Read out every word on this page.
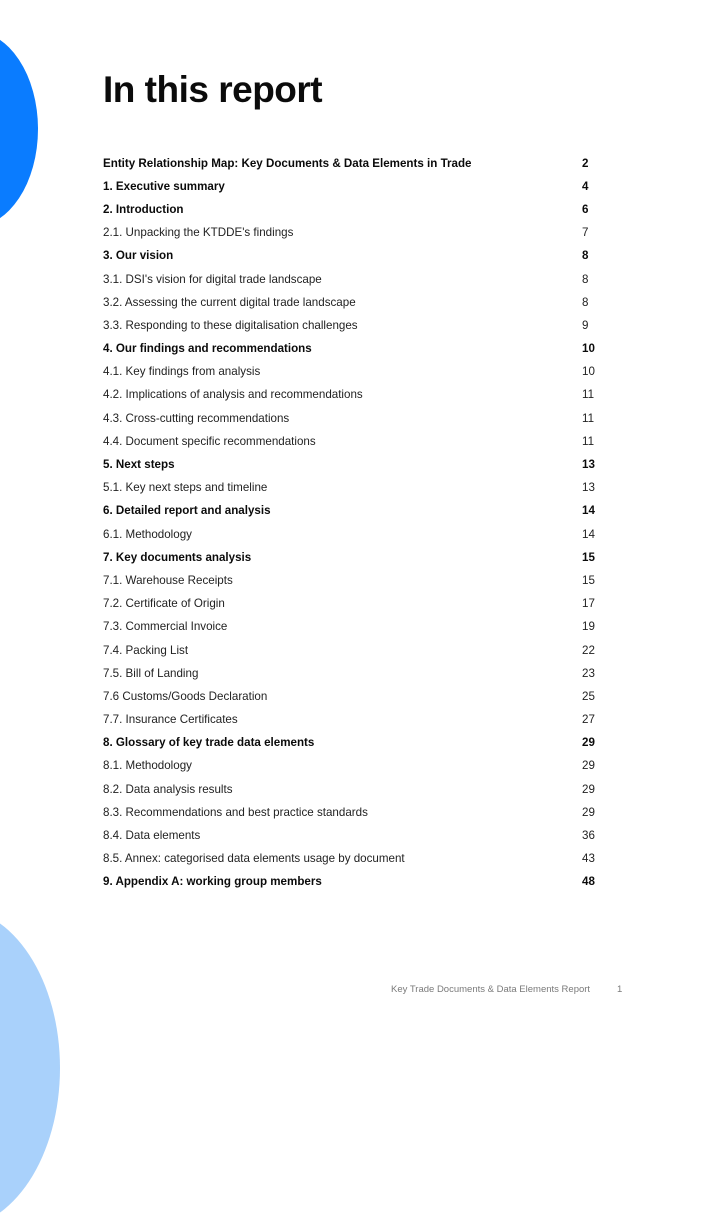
In this report
Entity Relationship Map: Key Documents & Data Elements in Trade	2
1. Executive summary	4
2. Introduction	6
2.1. Unpacking the KTDDE's findings	7
3. Our vision	8
3.1. DSI's vision for digital trade landscape	8
3.2. Assessing the current digital trade landscape	8
3.3. Responding to these digitalisation challenges	9
4. Our findings and recommendations	10
4.1. Key findings from analysis	10
4.2. Implications of analysis and recommendations	11
4.3. Cross-cutting recommendations	11
4.4. Document specific recommendations	11
5. Next steps	13
5.1. Key next steps and timeline	13
6. Detailed report and analysis	14
6.1. Methodology	14
7. Key documents analysis	15
7.1. Warehouse Receipts	15
7.2. Certificate of Origin	17
7.3. Commercial Invoice	19
7.4. Packing List	22
7.5. Bill of Landing	23
7.6 Customs/Goods Declaration	25
7.7. Insurance Certificates	27
8. Glossary of key trade data elements	29
8.1. Methodology	29
8.2. Data analysis results	29
8.3. Recommendations and best practice standards	29
8.4. Data elements	36
8.5. Annex: categorised data elements usage by document	43
9. Appendix A: working group members	48
Key Trade Documents & Data Elements Report	1
